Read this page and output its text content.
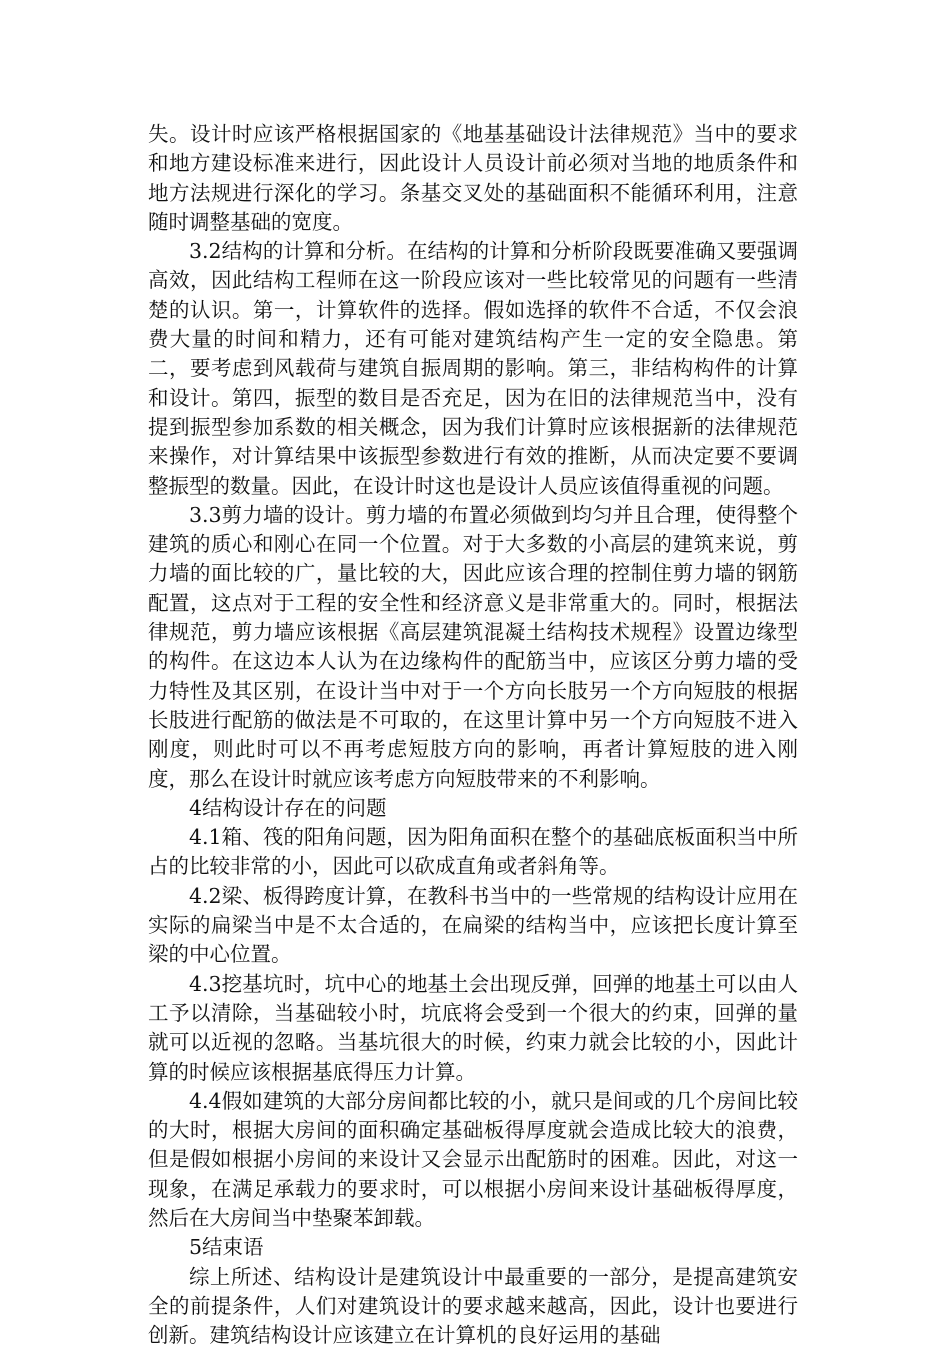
失。设计时应该严格根据国家的《地基基础设计法律规范》当中的要求和地方建设标准来进行，因此设计人员设计前必须对当地的地质条件和地方法规进行深化的学习。条基交叉处的基础面积不能循环利用，注意随时调整基础的宽度。

3.2结构的计算和分析。在结构的计算和分析阶段既要准确又要强调高效，因此结构工程师在这一阶段应该对一些比较常见的问题有一些清楚的认识。第一，计算软件的选择。假如选择的软件不合适，不仅会浪费大量的时间和精力，还有可能对建筑结构产生一定的安全隐患。第二，要考虑到风载荷与建筑自振周期的影响。第三，非结构构件的计算和设计。第四，振型的数目是否充足，因为在旧的法律规范当中，没有提到振型参加系数的相关概念，因为我们计算时应该根据新的法律规范来操作，对计算结果中该振型参数进行有效的推断，从而决定要不要调整振型的数量。因此，在设计时这也是设计人员应该值得重视的问题。

3.3剪力墙的设计。剪力墙的布置必须做到均匀并且合理，使得整个建筑的质心和刚心在同一个位置。对于大多数的小高层的建筑来说，剪力墙的面比较的广，量比较的大，因此应该合理的控制住剪力墙的钢筋配置，这点对于工程的安全性和经济意义是非常重大的。同时，根据法律规范，剪力墙应该根据《高层建筑混凝土结构技术规程》设置边缘型的构件。在这边本人认为在边缘构件的配筋当中，应该区分剪力墙的受力特性及其区别，在设计当中对于一个方向长肢另一个方向短肢的根据长肢进行配筋的做法是不可取的，在这里计算中另一个方向短肢不进入刚度，则此时可以不再考虑短肢方向的影响，再者计算短肢的进入刚度，那么在设计时就应该考虑方向短肢带来的不利影响。

4结构设计存在的问题

4.1箱、筏的阳角问题，因为阳角面积在整个的基础底板面积当中所占的比较非常的小，因此可以砍成直角或者斜角等。

4.2梁、板得跨度计算，在教科书当中的一些常规的结构设计应用在实际的扁梁当中是不太合适的，在扁梁的结构当中，应该把长度计算至梁的中心位置。

4.3挖基坑时，坑中心的地基土会出现反弹，回弹的地基土可以由人工予以清除，当基础较小时，坑底将会受到一个很大的约束，回弹的量就可以近视的忽略。当基坑很大的时候，约束力就会比较的小，因此计算的时候应该根据基底得压力计算。

4.4假如建筑的大部分房间都比较的小，就只是间或的几个房间比较的大时，根据大房间的面积确定基础板得厚度就会造成比较大的浪费，但是假如根据小房间的来设计又会显示出配筋时的困难。因此，对这一现象，在满足承载力的要求时，可以根据小房间来设计基础板得厚度，然后在大房间当中垫聚苯卸载。

5结束语

综上所述、结构设计是建筑设计中最重要的一部分，是提高建筑安全的前提条件，人们对建筑设计的要求越来越高，因此，设计也要进行创新。建筑结构设计应该建立在计算机的良好运用的基础
